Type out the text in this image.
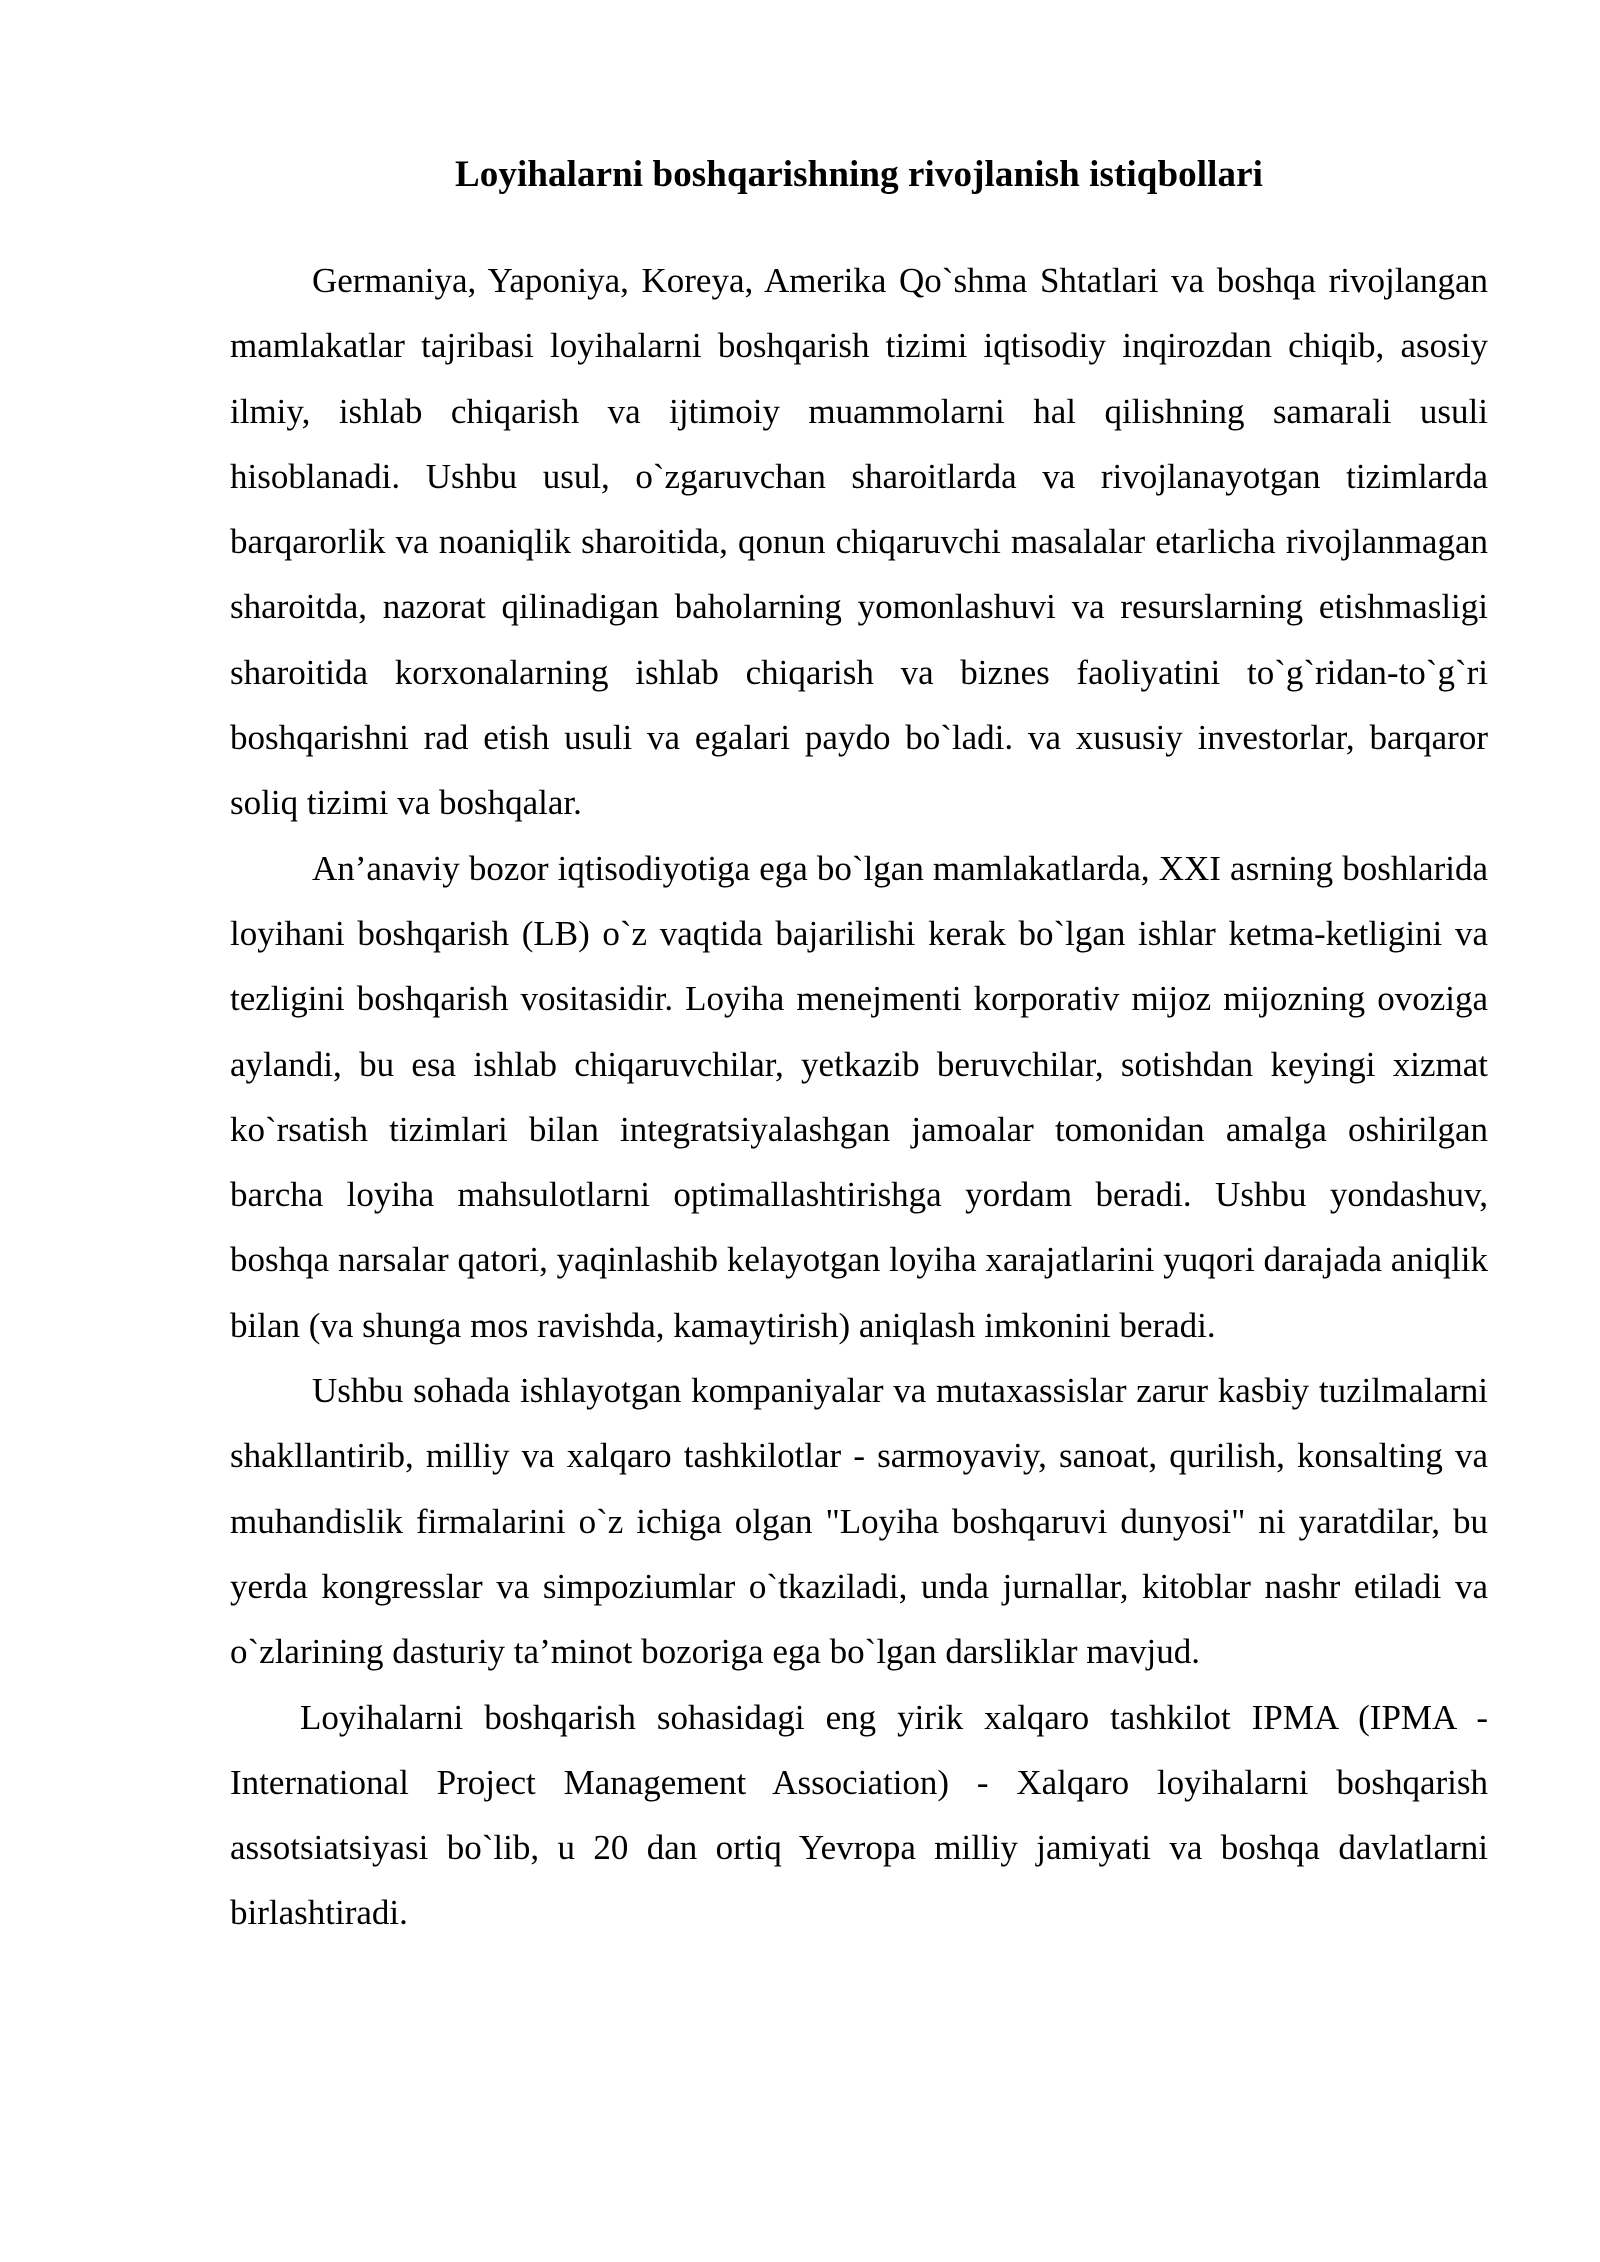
Loyihalarni boshqarishning rivojlanish istiqbollari

Germaniya, Yaponiya, Koreya, Amerika Qo`shma Shtatlari va boshqa rivojlangan mamlakatlar tajribasi loyihalarni boshqarish tizimi iqtisodiy inqirozdan chiqib, asosiy ilmiy, ishlab chiqarish va ijtimoiy muammolarni hal qilishning samarali usuli hisoblanadi. Ushbu usul, o`zgaruvchan sharoitlarda va rivojlanayotgan tizimlarda barqarorlik va noaniqlik sharoitida, qonun chiqaruvchi masalalar etarlicha rivojlanmagan sharoitda, nazorat qilinadigan baholarning yomonlashuvi va resurslarning etishmasligi sharoitida korxonalarning ishlab chiqarish va biznes faoliyatini to`g`ridan-to`g`ri boshqarishni rad etish usuli va egalari paydo bo`ladi. va xususiy investorlar, barqaror soliq tizimi va boshqalar.

An’anaviy bozor iqtisodiyotiga ega bo`lgan mamlakatlarda, XXI asrning boshlarida loyihani boshqarish (LB) o`z vaqtida bajarilishi kerak bo`lgan ishlar ketma-ketligini va tezligini boshqarish vositasidir. Loyiha menejmenti korporativ mijoz mijozning ovoziga aylandi, bu esa ishlab chiqaruvchilar, yetkazib beruvchilar, sotishdan keyingi xizmat ko`rsatish tizimlari bilan integratsiyalashgan jamoalar tomonidan amalga oshirilgan barcha loyiha mahsulotlarni optimallashtirishga yordam beradi. Ushbu yondashuv, boshqa narsalar qatori, yaqinlashib kelayotgan loyiha xarajatlarini yuqori darajada aniqlik bilan (va shunga mos ravishda, kamaytirish) aniqlash imkonini beradi.

Ushbu sohada ishlayotgan kompaniyalar va mutaxassislar zarur kasbiy tuzilmalarni shakllantirib, milliy va xalqaro tashkilotlar - sarmoyaviy, sanoat, qurilish, konsalting va muhandislik firmalarini o`z ichiga olgan "Loyiha boshqaruvi dunyosi" ni yaratdilar, bu yerda kongresslar va simpoziumlar o`tkaziladi, unda jurnallar, kitoblar nashr etiladi va o`zlarining dasturiy ta’minot bozoriga ega bo`lgan darsliklar mavjud.

Loyihalarni boshqarish sohasidagi eng yirik xalqaro tashkilot IPMA (IPMA - International Project Management Association) - Xalqaro loyihalarni boshqarish assotsiatsiyasi bo`lib, u 20 dan ortiq Yevropa milliy jamiyati va boshqa davlatlarni birlashtiradi.
